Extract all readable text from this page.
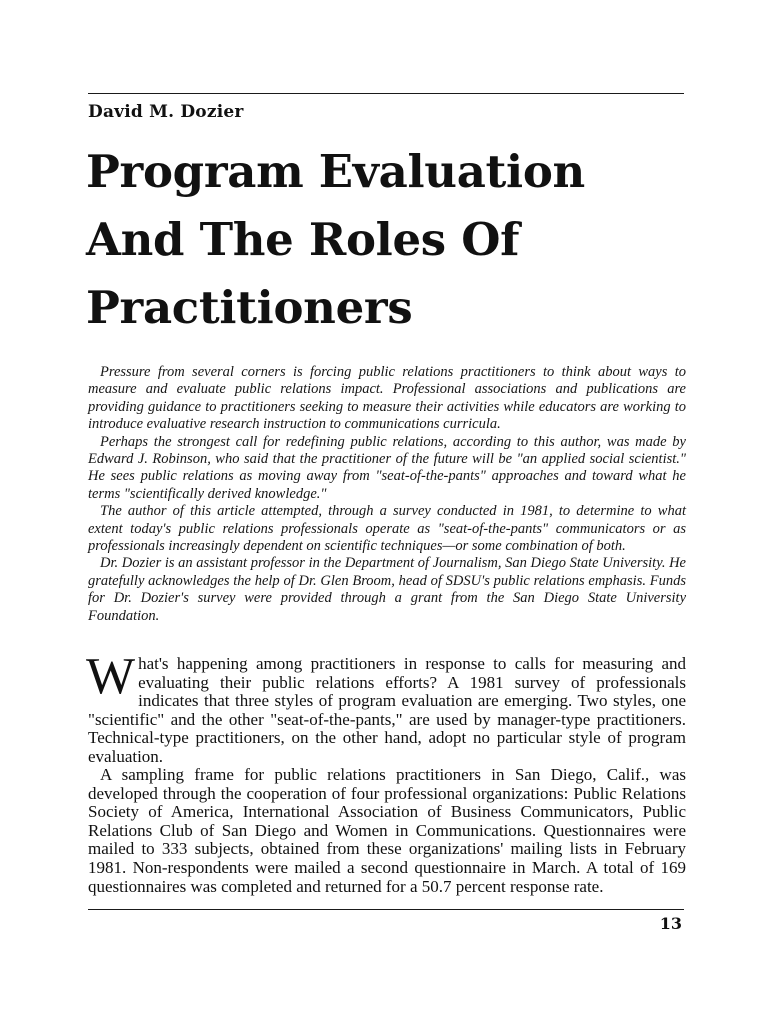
David M. Dozier
Program Evaluation
And The Roles Of
Practitioners

Pressure from several corners is forcing public relations practitioners to think about ways to measure and evaluate public relations impact. Professional associations and publications are providing guidance to practitioners seeking to measure their activities while educators are working to introduce evaluative research instruction to communications curricula.

Perhaps the strongest call for redefining public relations, according to this author, was made by Edward J. Robinson, who said that the practitioner of the future will be "an applied social scientist." He sees public relations as moving away from "seat-of-the-pants" approaches and toward what he terms "scientifically derived knowledge."

The author of this article attempted, through a survey conducted in 1981, to determine to what extent today's public relations professionals operate as "seat-of-the-pants" communicators or as professionals increasingly dependent on scientific techniques—or some combination of both.

Dr. Dozier is an assistant professor in the Department of Journalism, San Diego State University. He gratefully acknowledges the help of Dr. Glen Broom, head of SDSU's public relations emphasis. Funds for Dr. Dozier's survey were provided through a grant from the San Diego State University Foundation.

What's happening among practitioners in response to calls for measuring and evaluating their public relations efforts? A 1981 survey of professionals indicates that three styles of program evaluation are emerging. Two styles, one "scientific" and the other "seat-of-the-pants," are used by manager-type practitioners. Technical-type practitioners, on the other hand, adopt no particular style of program evaluation.

A sampling frame for public relations practitioners in San Diego, Calif., was developed through the cooperation of four professional organizations: Public Relations Society of America, International Association of Business Communicators, Public Relations Club of San Diego and Women in Communications. Questionnaires were mailed to 333 subjects, obtained from these organizations' mailing lists in February 1981. Non-respondents were mailed a second questionnaire in March. A total of 169 questionnaires was completed and returned for a 50.7 percent response rate.

13
